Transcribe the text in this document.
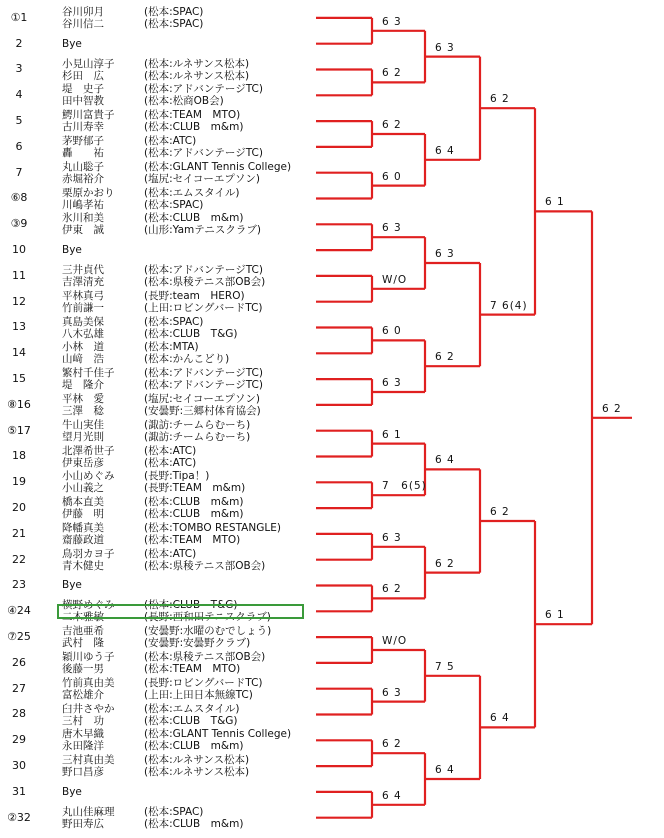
①1	谷川卯月	(松本:SPAC)
谷川信二	(松本:SPAC)
2	Bye
3	小見山淳子	(松本:ルネサンス松本)
杉田　広	(松本:ルネサンス松本)
4	堤　史子	(松本:アドバンテージTC)
田中智教	(松本:松商OB会)
5	鰐川富貴子	(松本:TEAM　MTO)
古川寿幸	(松本:CLUB　m&m)
6	茅野郁子	(松本:ATC)
轟　　祐	(松本:アドバンテージTC)
7	丸山聡子	(松本:GLANT Tennis College)
赤堀裕介	(塩尻:セイコーエプソン)
⑥8	栗原かおり	(松本:エムスタイル)
川嶋孝祐	(松本:SPAC)
③9	氷川和美	(松本:CLUB　m&m)
伊東　誠	(山形:Yamテニスクラブ)
10	Bye
11	三井貞代	(松本:アドバンテージTC)
吉澤清充	(松本:県稜テニス部OB会)
12	平林真弓	(長野:team　HERO)
竹前謙一	(上田:ロビングバードTC)
13	真島美保	(松本:SPAC)
八木弘雄	(松本:CLUB　T&G)
14	小林　道	(松本:MTA)
山﨑　浩	(松本:かんこどり)
15	繁村千佳子	(松本:アドバンテージTC)
堤　隆介	(松本:アドバンテージTC)
⑧16	平林　愛	(塩尻:セイコーエプソン)
三澤　稔	(安曇野:三郷村体育協会)
⑤17	牛山実佳	(諏訪:チームらむーち)
望月光則	(諏訪:チームらむーち)
18	北澤希世子	(松本:ATC)
伊東岳彦	(松本:ATC)
19	小山めぐみ	(長野:Tipa！)
小山義之	(長野:TEAM　m&m)
20	橋本直美	(松本:CLUB　m&m)
伊藤　明	(松本:CLUB　m&m)
21	降幡真美	(松本:TOMBO RESTANGLE)
齋藤政道	(松本:TEAM　MTO)
22	鳥羽カヨ子	(松本:ATC)
青木健史	(松本:県稜テニス部OB会)
23	Bye
④24	横野めぐみ	(松本:CLUB－T&G)
二木雅敏	(長野:西和田テニスクラブ)
⑦25	吉池亜希	(安曇野:水曜のむでしょう)
武村　隆	(安曇野:安曇野クラブ)
26	穎川ゆう子	(松本:県稜テニス部OB会)
後藤一男	(松本:TEAM　MTO)
27	竹前真由美	(長野:ロビングバードTC)
富松雄介	(上田:上田日本無線TC)
28	臼井さやか	(松本:エムスタイル)
三村　功	(松本:CLUB　T&G)
29	唐木早織	(松本:GLANT Tennis College)
永田隆洋	(松本:CLUB　m&m)
30	三村真由美	(松本:ルネサンス松本)
野口昌彦	(松本:ルネサンス松本)
31	Bye
②32	丸山佳麻理	(松本:SPAC)
野田寿広	(松本:CLUB　m&m)
6 3
6 2
6 2
6 0
6 3
W/O
6 0
6 3
6 1
7　6(5)
6 3
6 2
W/O
6 3
6 2
6 4
6 3
6 4
6 3
6 2
6 4
6 2
7 5
6 4
6 2
7 6(4)
6 2
6 4
6 1
6 1
6 2
